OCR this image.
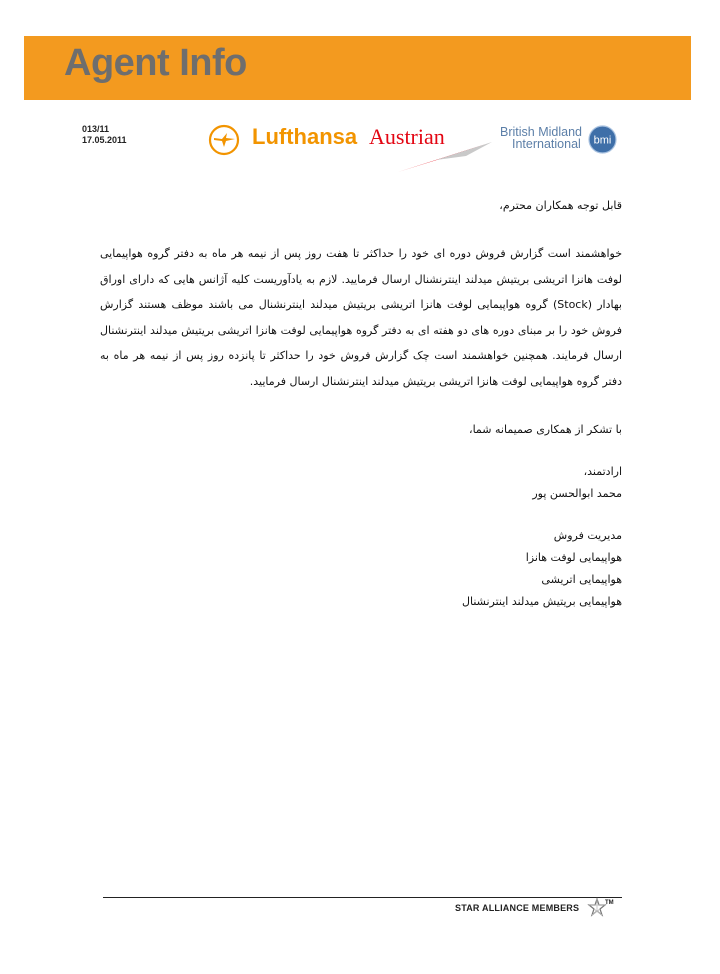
Agent Info
013/11
17.05.2011	Lufthansa Austrian	British Midland
International bmi

قابل توجه همکاران محترم،

خواهشمند است گزارش فروش دوره ای خود را حداکثر تا هفت روز پس از نیمه هر ماه به دفتر گروه هواپیمایی لوفت هانزا اتریشی بریتیش میدلند اینترنشنال ارسال فرمایید. لازم به یادآوریست کلیه آژانس هایی که دارای اوراق بهادار (Stock) گروه هواپیمایی لوفت هانزا اتریشی بریتیش میدلند اینترنشنال می باشند موظف هستند گزارش فروش خود را بر مبنای دوره های دو هفته ای به دفتر گروه هواپیمایی لوفت هانزا اتریشی بریتیش میدلند اینترنشنال ارسال فرمایند. همچنین خواهشمند است چک گزارش فروش خود را حداکثر تا پانزده روز پس از نیمه هر ماه به دفتر گروه هواپیمایی لوفت هانزا اتریشی بریتیش میدلند اینترنشنال ارسال فرمایید.

با تشکر از همکاری صمیمانه شما،

ارادتمند،

محمد ابوالحسن پور

مدیریت فروش
هواپیمایی لوفت هانزا
هواپیمایی اتریشی
هواپیمایی بریتیش میدلند اینترنشنال
STAR ALLIANCE MEMBERS	TM
